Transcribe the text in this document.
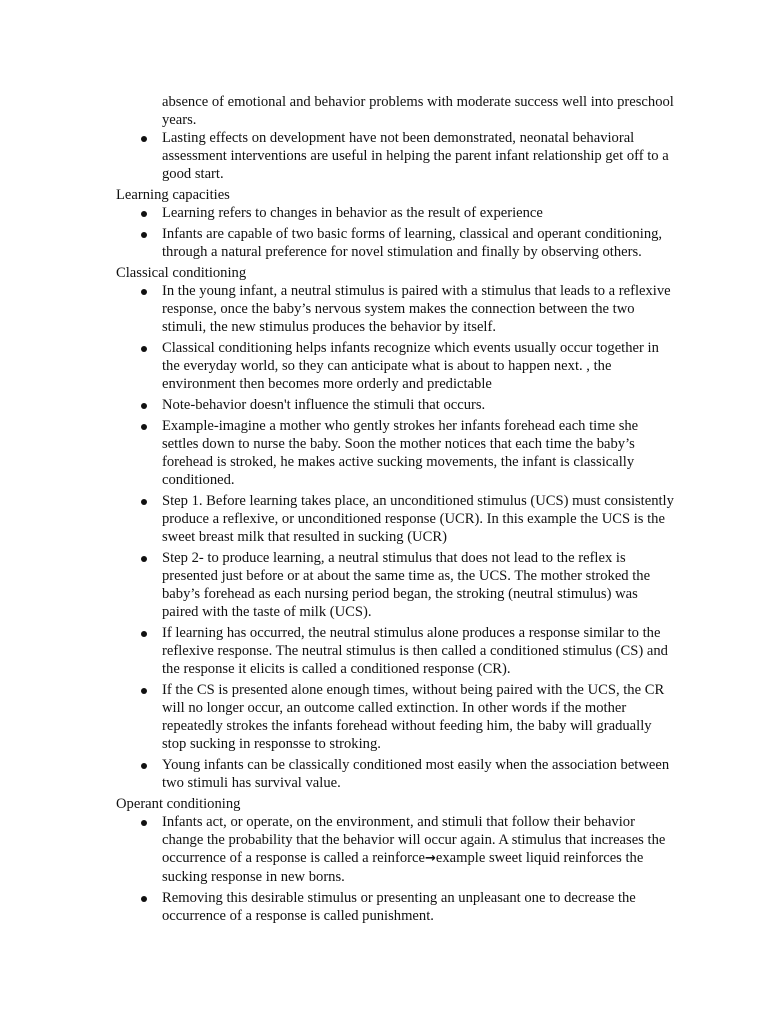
absence of emotional and behavior problems with moderate success well into preschool years.

Lasting effects on development have not been demonstrated, neonatal behavioral assessment interventions are useful in helping the parent infant relationship get off to a good start.

Learning capacities

Learning refers to changes in behavior as the result of experience
Infants are capable of two basic forms of learning, classical and operant conditioning, through a natural preference for novel stimulation and finally by observing others.

Classical conditioning

In the young infant, a neutral stimulus is paired with a stimulus that leads to a reflexive response, once the baby’s nervous system makes the connection between the two stimuli, the new stimulus produces the behavior by itself.
Classical conditioning helps infants recognize which events usually occur together in the everyday world, so they can anticipate what is about to happen next. , the environment then becomes more orderly and predictable
Note-behavior doesn't influence the stimuli that occurs.
Example-imagine a mother who gently strokes her infants forehead each time she settles down to nurse the baby. Soon the mother notices that each time the baby’s forehead is stroked, he makes active sucking movements, the infant is classically conditioned.
Step 1. Before learning takes place, an unconditioned stimulus (UCS) must consistently produce a reflexive, or unconditioned response (UCR). In this example the UCS is the sweet breast milk that resulted in sucking (UCR)
Step 2- to produce learning, a neutral stimulus that does not lead to the reflex is presented just before or at about the same time as, the UCS. The mother stroked the baby’s forehead as each nursing period began, the stroking (neutral stimulus) was paired with the taste of milk (UCS).
If learning has occurred, the neutral stimulus alone produces a response similar to the reflexive response. The neutral stimulus is then called a conditioned stimulus (CS) and the response it elicits is called a conditioned response (CR).
If the CS is presented alone enough times, without being paired with the UCS, the CR will no longer occur, an outcome called extinction. In other words if the mother repeatedly strokes the infants forehead without feeding him, the baby will gradually stop sucking in responsse to stroking.
Young infants can be classically conditioned most easily when the association between two stimuli has survival value.

Operant conditioning

Infants act, or operate, on the environment, and stimuli that follow their behavior change the probability that the behavior will occur again. A stimulus that increases the occurrence of a response is called a reinforce→example sweet liquid reinforces the sucking response in new borns.
Removing this desirable stimulus or presenting an unpleasant one to decrease the occurrence of a response is called punishment.
